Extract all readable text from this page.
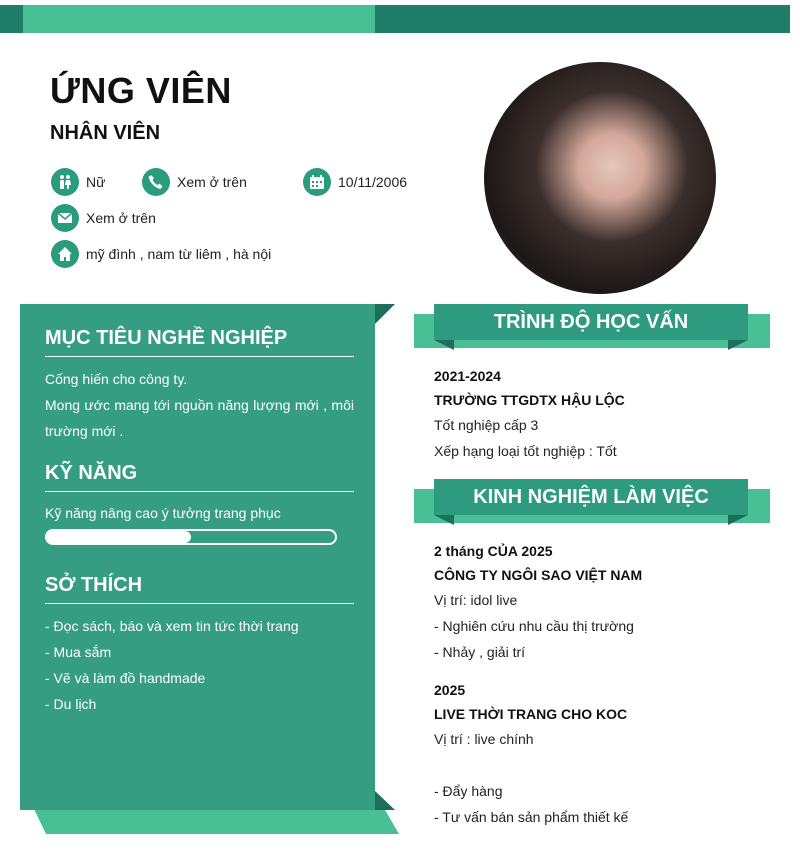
ỨNG VIÊN
NHÂN VIÊN
Nữ	Xem ở trên	10/11/2006
Xem ở trên
mỹ đình , nam từ liêm , hà nội
MỤC TIÊU NGHỀ NGHIỆP
Cống hiến cho công ty.
Mong ước mang tới nguồn năng lượng mới , môi trường mới .
KỸ NĂNG
Kỹ năng nâng cao ý tưởng trang phục
SỞ THÍCH
- Đọc sách, báo và xem tin tức thời trang
- Mua sắm
- Vẽ và làm đồ handmade
- Du lịch
TRÌNH ĐỘ HỌC VẤN
2021-2024
TRƯỜNG TTGDTX HẬU LỘC
Tốt nghiệp cấp 3
Xếp hạng loại tốt nghiệp : Tốt
KINH NGHIỆM LÀM VIỆC
2 tháng CỦA 2025
CÔNG TY NGÔI SAO VIỆT NAM
Vị trí: idol live
- Nghiên cứu nhu cầu thị trường
- Nhảy , giải trí
2025
LIVE THỜI TRANG CHO KOC
Vị trí : live chính
- Đẩy hàng
- Tư vấn bán sản phẩm thiết kế
